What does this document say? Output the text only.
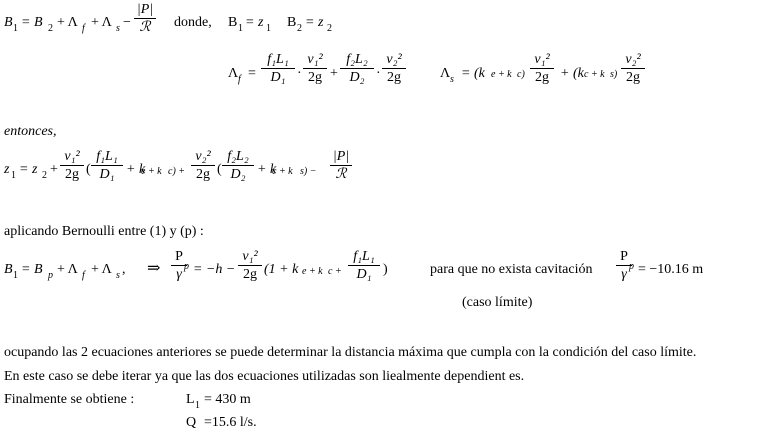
B 1 = B 2 + Λ f + Λ s −
|P|
ℛ	donde, B 1 = z 1 B 2 = z 2
Λ f =
f₁L₁
D₁ ·
v₁²
2g +
f₂L₂
D₂ ·
v₂²
2g	Λ s = (k e + k c)
v₁²
2g + (k c + k s)
v₂²
2g
entonces,
z 1 = z 2 +
v₁²
2g (
f₁L₁
D₁ + k
e + k c) +
v₂²
2g (
f₂L₂
D₂ + k
c + k s) −
|P|
ℛ
aplicando Bernoulli entre (1) y (p) :
B 1 = B p + Λ f + Λ s , ⇒
P
γ
p = −h −
v₁²
2g (1 + k e + k c +
f₁L₁
D₁ )	para que no exista cavitación
P
γ
p = −10.16 m
(caso límite)
ocupando las 2 ecuaciones anteriores se puede determinar la distancia máxima que cumpla con la condición del caso límite.
En este caso se debe iterar ya que las dos ecuaciones utilizadas son liealmente dependient es.
Finalmente se obtiene :	L 1 = 430 m
Q =15.6 l/s.
